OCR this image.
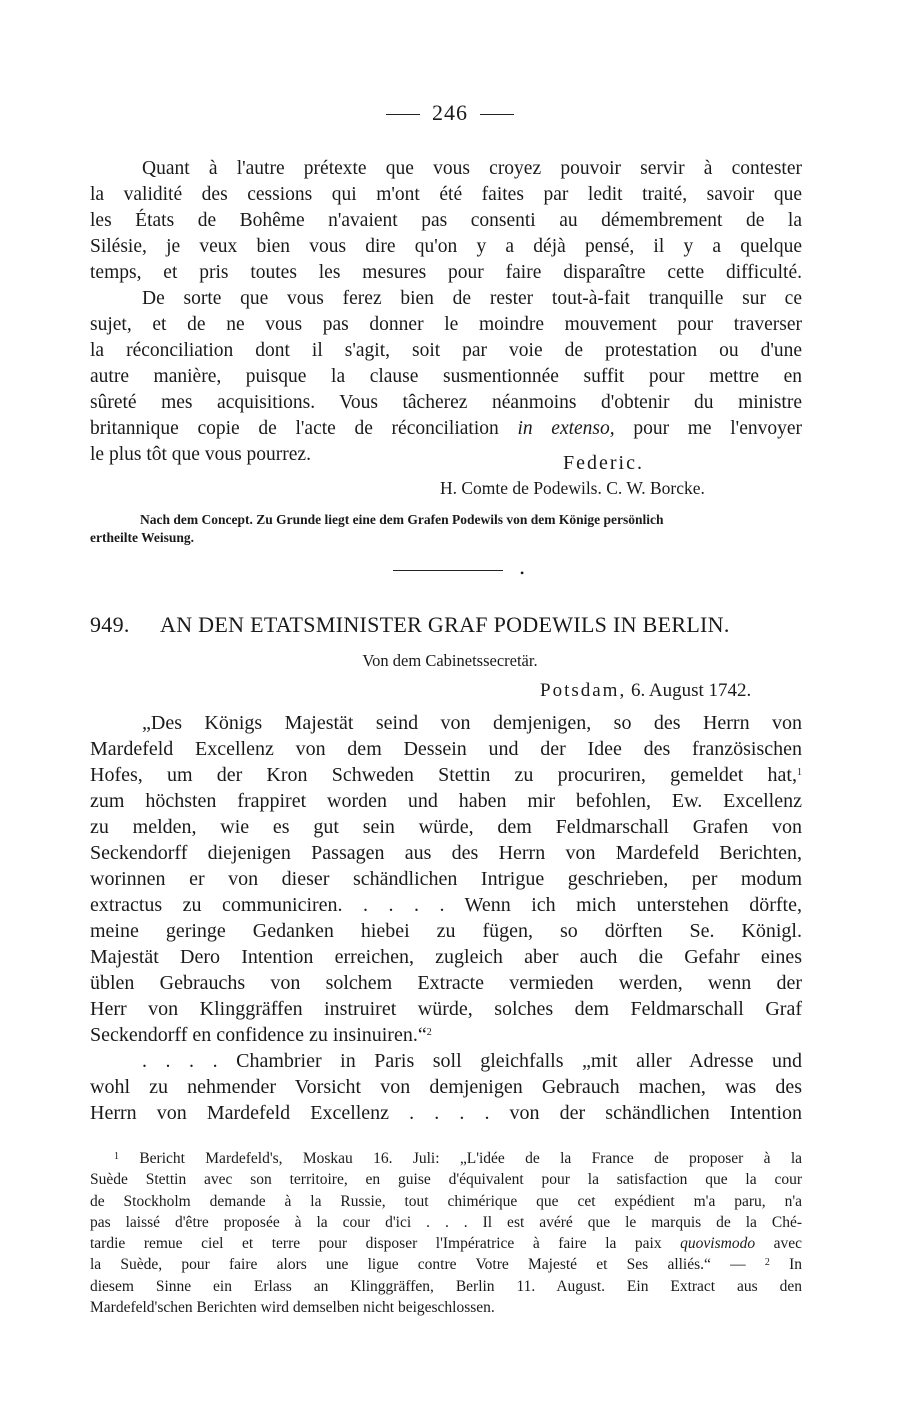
246
Quant à l'autre prétexte que vous croyez pouvoir servir à contester
la validité des cessions qui m'ont été faites par ledit traité, savoir que
les États de Bohême n'avaient pas consenti au démembrement de la
Silésie, je veux bien vous dire qu'on y a déjà pensé, il y a quelque
temps, et pris toutes les mesures pour faire disparaître cette difficulté.
De sorte que vous ferez bien de rester tout-à-fait tranquille sur ce
sujet, et de ne vous pas donner le moindre mouvement pour traverser
la réconciliation dont il s'agit, soit par voie de protestation ou d'une
autre manière, puisque la clause susmentionnée suffit pour mettre en
sûreté mes acquisitions. Vous tâcherez néanmoins d'obtenir du ministre
britannique copie de l'acte de réconciliation in extenso, pour me l'envoyer
le plus tôt que vous pourrez.	Federic.
H. Comte de Podewils. C. W. Borcke.
Nach dem Concept. Zu Grunde liegt eine dem Grafen Podewils von dem Könige persönlich
ertheilte Weisung.
•
949. AN DEN ETATSMINISTER GRAF PODEWILS IN BERLIN.
Von dem Cabinetssecretär.
Potsdam, 6. August 1742.
„Des Königs Majestät seind von demjenigen, so des Herrn von
Mardefeld Excellenz von dem Dessein und der Idee des französischen
Hofes, um der Kron Schweden Stettin zu procuriren, gemeldet hat,$^1$
zum höchsten frappiret worden und haben mir befohlen, Ew. Excellenz
zu melden, wie es gut sein würde, dem Feldmarschall Grafen von
Seckendorff diejenigen Passagen aus des Herrn von Mardefeld Berichten,
worinnen er von dieser schändlichen Intrigue geschrieben, per modum
extractus zu communiciren. . . . . Wenn ich mich unterstehen dörfte,
meine geringe Gedanken hiebei zu fügen, so dörften Se. Königl.
Majestät Dero Intention erreichen, zugleich aber auch die Gefahr eines
üblen Gebrauchs von solchem Extracte vermieden werden, wenn der
Herr von Klinggräffen instruiret würde, solches dem Feldmarschall Graf
Seckendorff en confidence zu insinuiren.“$^2$
. . . . Chambrier in Paris soll gleichfalls „mit aller Adresse und
wohl zu nehmender Vorsicht von demjenigen Gebrauch machen, was des
Herrn von Mardefeld Excellenz . . . . von der schändlichen Intention
$^1$ Bericht Mardefeld's, Moskau 16. Juli: „L'idée de la France de proposer à la
Suède Stettin avec son territoire, en guise d'équivalent pour la satisfaction que la cour
de Stockholm demande à la Russie, tout chimérique que cet expédient m'a paru, n'a
pas laissé d'être proposée à la cour d'ici . . . Il est avéré que le marquis de la Ché-
tardie remue ciel et terre pour disposer l'Impératrice à faire la paix quovismodo avec
la Suède, pour faire alors une ligue contre Votre Majesté et Ses alliés.“ — $^2$ In
diesem Sinne ein Erlass an Klinggräffen, Berlin 11. August. Ein Extract aus den
Mardefeld'schen Berichten wird demselben nicht beigeschlossen.
